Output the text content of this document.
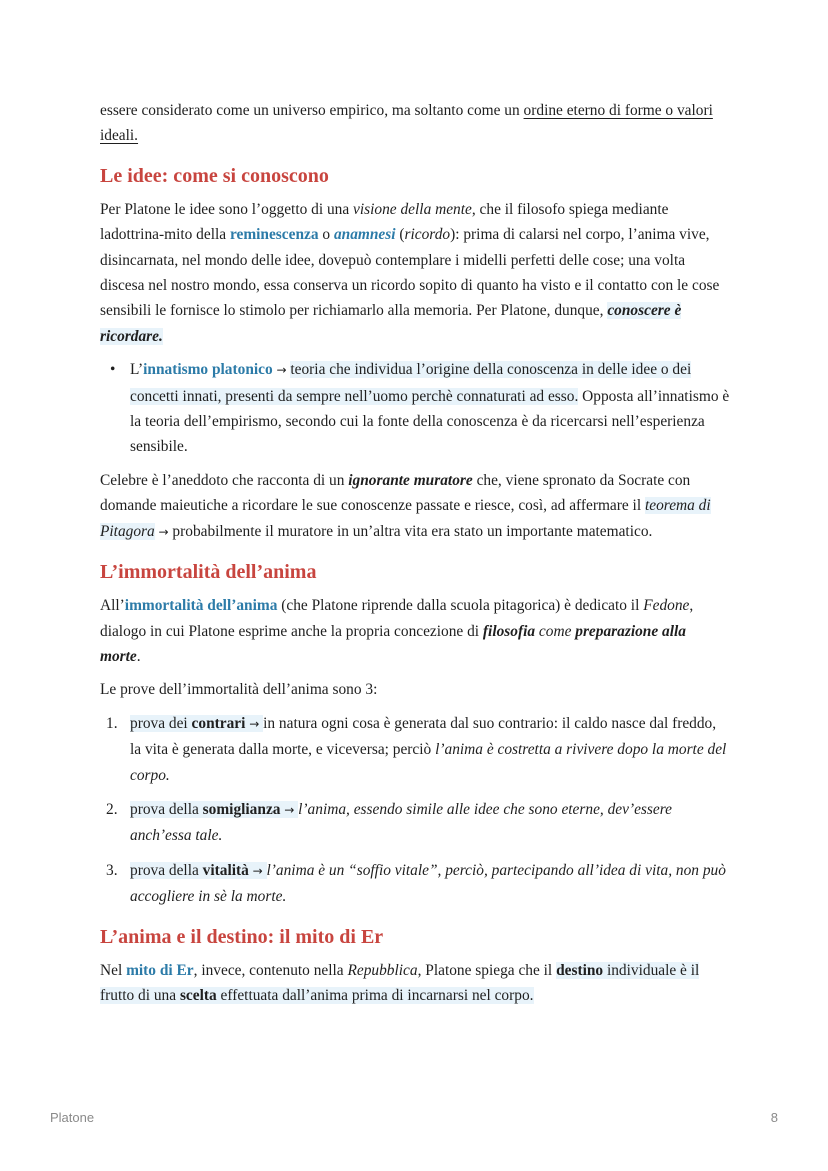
essere considerato come un universo empirico, ma soltanto come un ordine eterno di forme o valori ideali.

Le idee: come si conoscono

Per Platone le idee sono l’oggetto di una visione della mente, che il filosofo spiega mediante ladottrina-mito della reminescenza o anamnesi (ricordo): prima di calarsi nel corpo, l’anima vive, disincarnata, nel mondo delle idee, dovepuò contemplare i midelli perfetti delle cose; una volta discesa nel nostro mondo, essa conserva un ricordo sopito di quanto ha visto e il contatto con le cose sensibili le fornisce lo stimolo per richiamarlo alla memoria. Per Platone, dunque, conoscere è ricordare.

• L’innatismo platonico → teoria che individua l’origine della conoscenza in delle idee o dei concetti innati, presenti da sempre nell’uomo perchè connaturati ad esso. Opposta all’innatismo è la teoria dell’empirismo, secondo cui la fonte della conoscenza è da ricercarsi nell’esperienza sensibile.

Celebre è l’aneddoto che racconta di un ignorante muratore che, viene spronato da Socrate con domande maieutiche a ricordare le sue conoscenze passate e riesce, così, ad affermare il teorema di Pitagora → probabilmente il muratore in un’altra vita era stato un importante matematico.

L’immortalità dell’anima

All’immortalità dell’anima (che Platone riprende dalla scuola pitagorica) è dedicato il Fedone, dialogo in cui Platone esprime anche la propria concezione di filosofia come preparazione alla morte.

Le prove dell’immortalità dell’anima sono 3:

1. prova dei contrari → in natura ogni cosa è generata dal suo contrario: il caldo nasce dal freddo, la vita è generata dalla morte, e viceversa; perciò l’anima è costretta a rivivere dopo la morte del corpo.
2. prova della somiglianza → l’anima, essendo simile alle idee che sono eterne, dev’essere anch’essa tale.
3. prova della vitalità → l’anima è un “soffio vitale”, perciò, partecipando all’idea di vita, non può accogliere in sè la morte.
L’anima e il destino: il mito di Er

Nel mito di Er, invece, contenuto nella Repubblica, Platone spiega che il destino individuale è il frutto di una scelta effettuata dall’anima prima di incarnarsi nel corpo.

Platone	8
